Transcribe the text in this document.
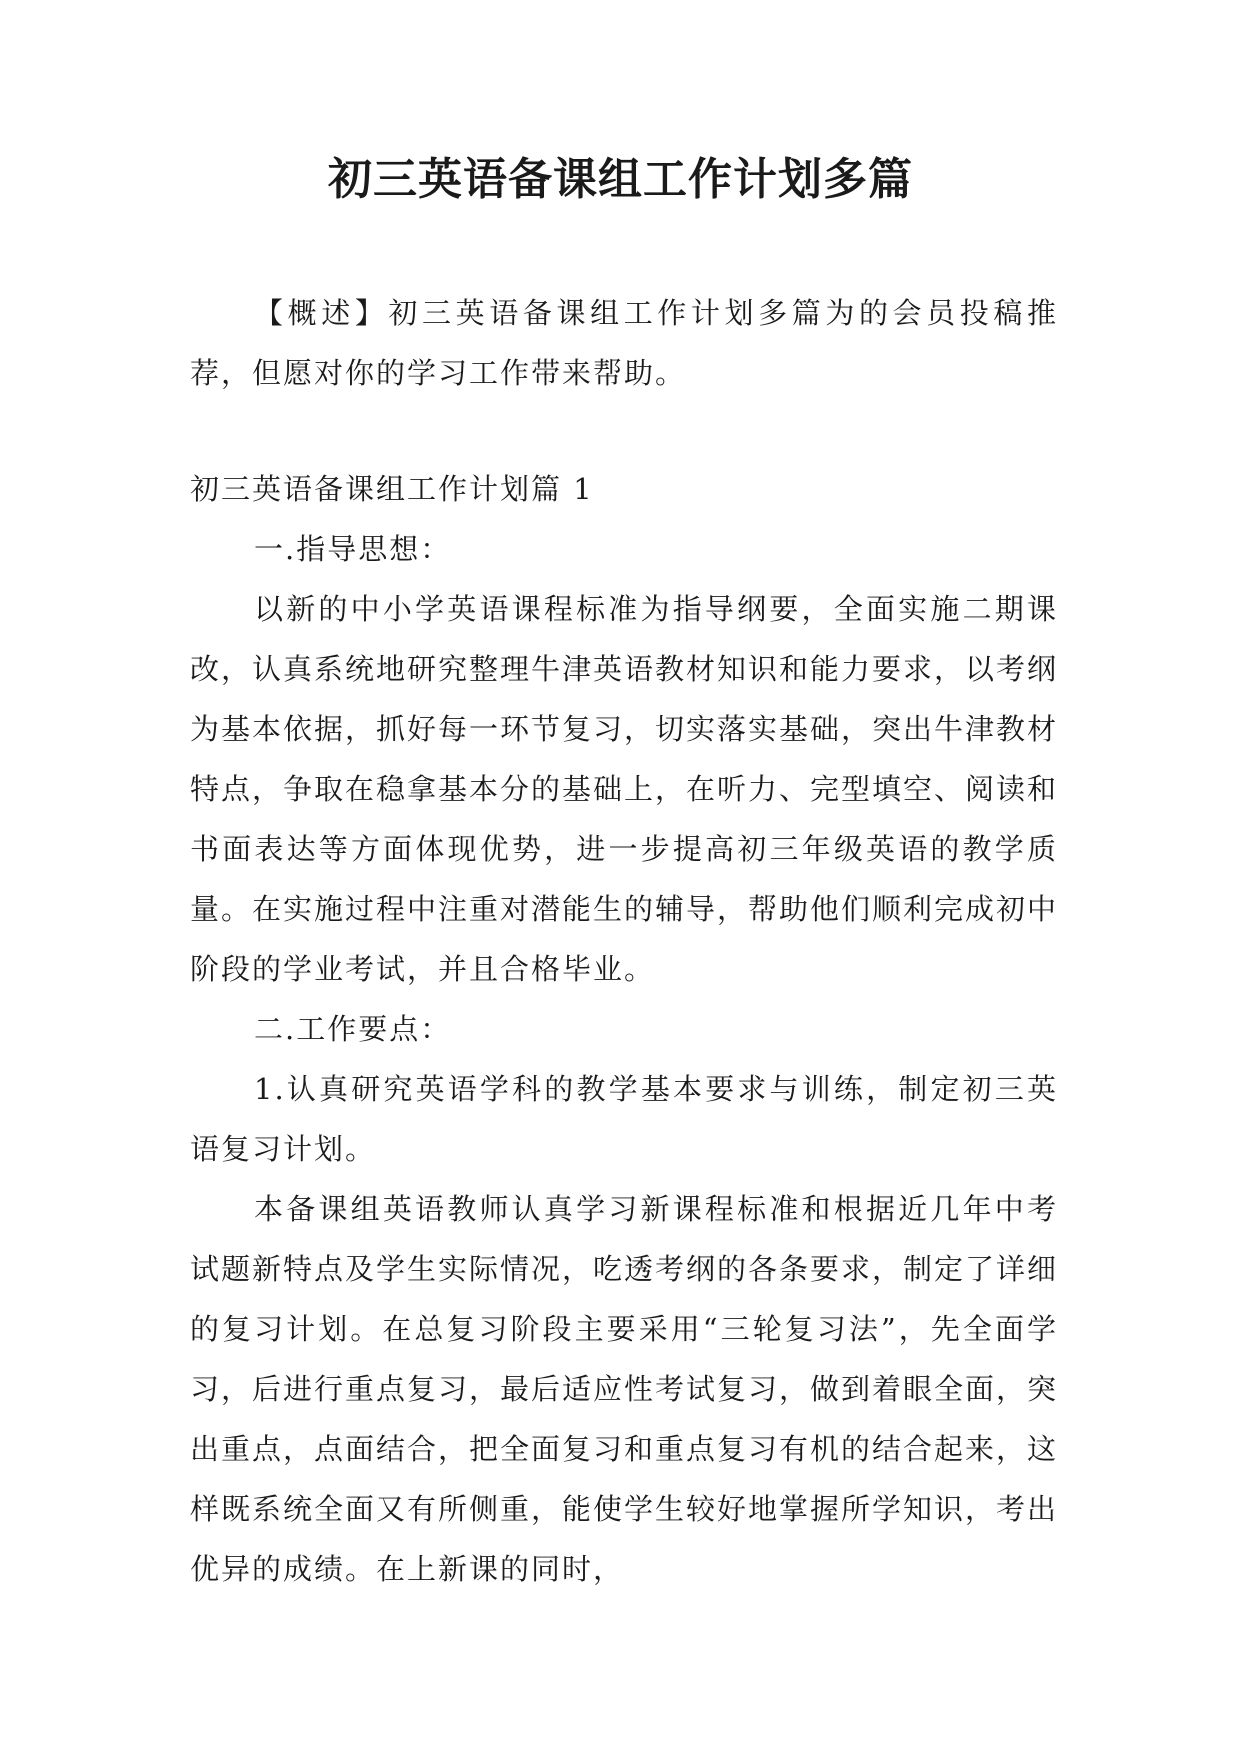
初三英语备课组工作计划多篇

【概述】初三英语备课组工作计划多篇为的会员投稿推荐，但愿对你的学习工作带来帮助。

初三英语备课组工作计划篇 1

一.指导思想：

以新的中小学英语课程标准为指导纲要，全面实施二期课改，认真系统地研究整理牛津英语教材知识和能力要求，以考纲为基本依据，抓好每一环节复习，切实落实基础，突出牛津教材特点，争取在稳拿基本分的基础上，在听力、完型填空、阅读和书面表达等方面体现优势，进一步提高初三年级英语的教学质量。在实施过程中注重对潜能生的辅导，帮助他们顺利完成初中阶段的学业考试，并且合格毕业。

二.工作要点：

1.认真研究英语学科的教学基本要求与训练，制定初三英语复习计划。

本备课组英语教师认真学习新课程标准和根据近几年中考试题新特点及学生实际情况，吃透考纲的各条要求，制定了详细的复习计划。在总复习阶段主要采用“三轮复习法”，先全面学习，后进行重点复习，最后适应性考试复习，做到着眼全面，突出重点，点面结合，把全面复习和重点复习有机的结合起来，这样既系统全面又有所侧重，能使学生较好地掌握所学知识，考出优异的成绩。在上新课的同时，
